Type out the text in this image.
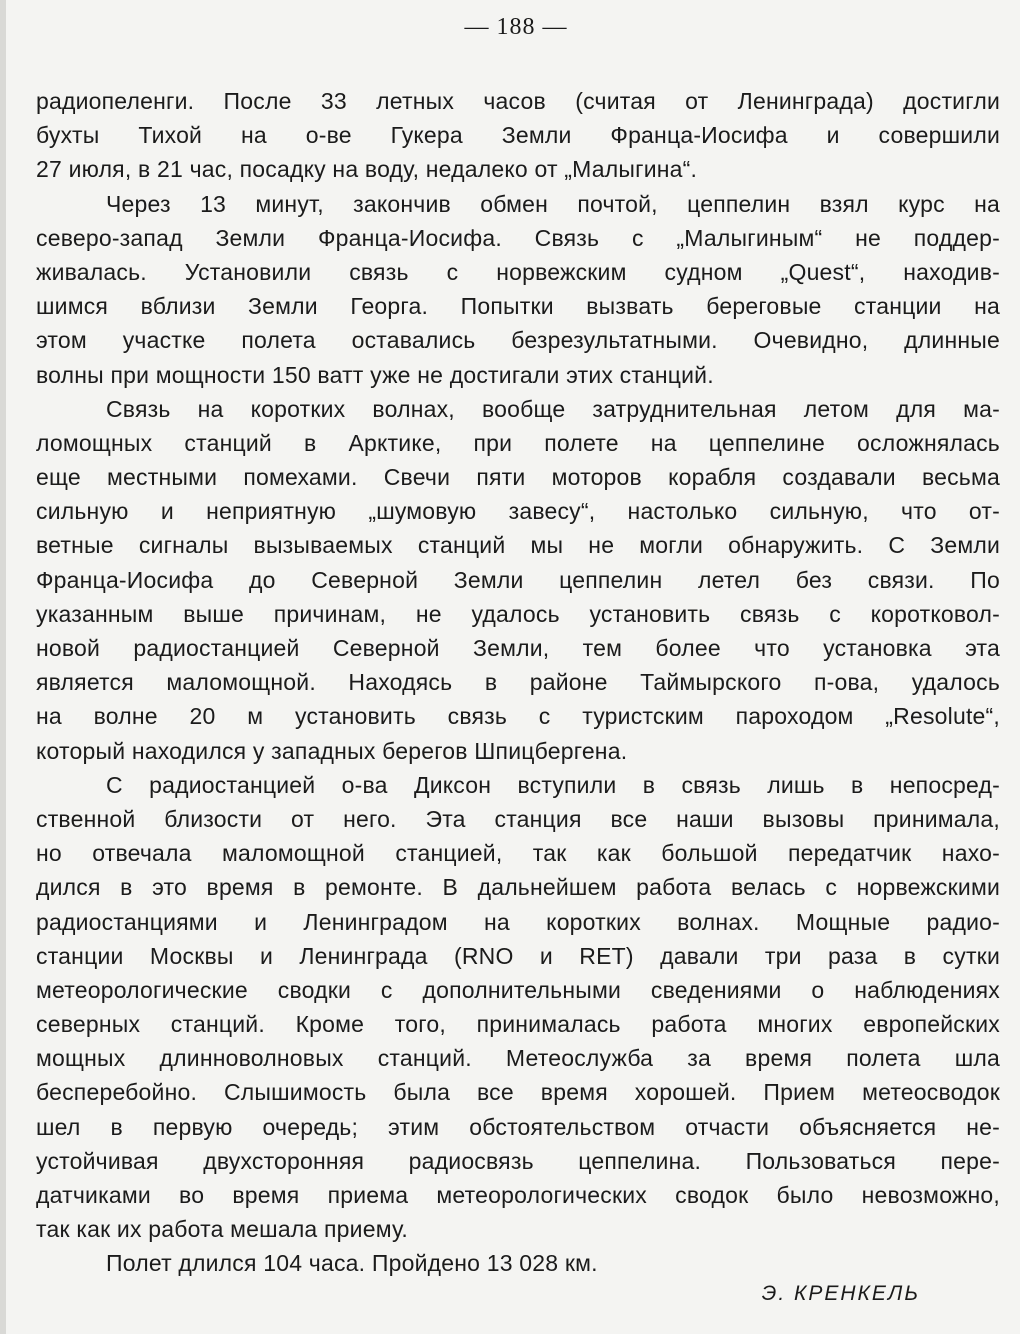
— 188 —
радиопеленги. После 33 летных часов (считая от Ленинграда) достигли
бухты Тихой на о-ве Гукера Земли Франца-Иосифа и совершили
27 июля, в 21 час, посадку на воду, недалеко от „Малыгина“.
Через 13 минут, закончив обмен почтой, цеппелин взял курс на
северо-запад Земли Франца-Иосифа. Связь с „Малыгиным“ не поддер-
живалась. Установили связь с норвежским судном „Quest“, находив-
шимся вблизи Земли Георга. Попытки вызвать береговые станции на
этом участке полета оставались безрезультатными. Очевидно, длинные
волны при мощности 150 ватт уже не достигали этих станций.
Связь на коротких волнах, вообще затруднительная летом для ма-
ломощных станций в Арктике, при полете на цеппелине осложнялась
еще местными помехами. Свечи пяти моторов корабля создавали весьма
сильную и неприятную „шумовую завесу“, настолько сильную, что от-
ветные сигналы вызываемых станций мы не могли обнаружить. С Земли
Франца-Иосифа до Северной Земли цеппелин летел без связи. По
указанным выше причинам, не удалось установить связь с коротковол-
новой радиостанцией Северной Земли, тем более что установка эта
является маломощной. Находясь в районе Таймырского п-ова, удалось
на волне 20 м установить связь с туристским пароходом „Resolute“,
который находился у западных берегов Шпицбергена.
С радиостанцией о-ва Диксон вступили в связь лишь в непосред-
ственной близости от него. Эта станция все наши вызовы принимала,
но отвечала маломощной станцией, так как большой передатчик нахо-
дился в это время в ремонте. В дальнейшем работа велась с норвежскими
радиостанциями и Ленинградом на коротких волнах. Мощные радио-
станции Москвы и Ленинграда (RNO и RET) давали три раза в сутки
метеорологические сводки с дополнительными сведениями о наблюдениях
северных станций. Кроме того, принималась работа многих европейских
мощных длинноволновых станций. Метеослужба за время полета шла
бесперебойно. Слышимость была все время хорошей. Прием метеосводок
шел в первую очередь; этим обстоятельством отчасти объясняется не-
устойчивая двухсторонняя радиосвязь цеппелина. Пользоваться пере-
датчиками во время приема метеорологических сводок было невозможно,
так как их работа мешала приему.
Полет длился 104 часа. Пройдено 13 028 км.
Э. КРЕНКЕЛЬ
